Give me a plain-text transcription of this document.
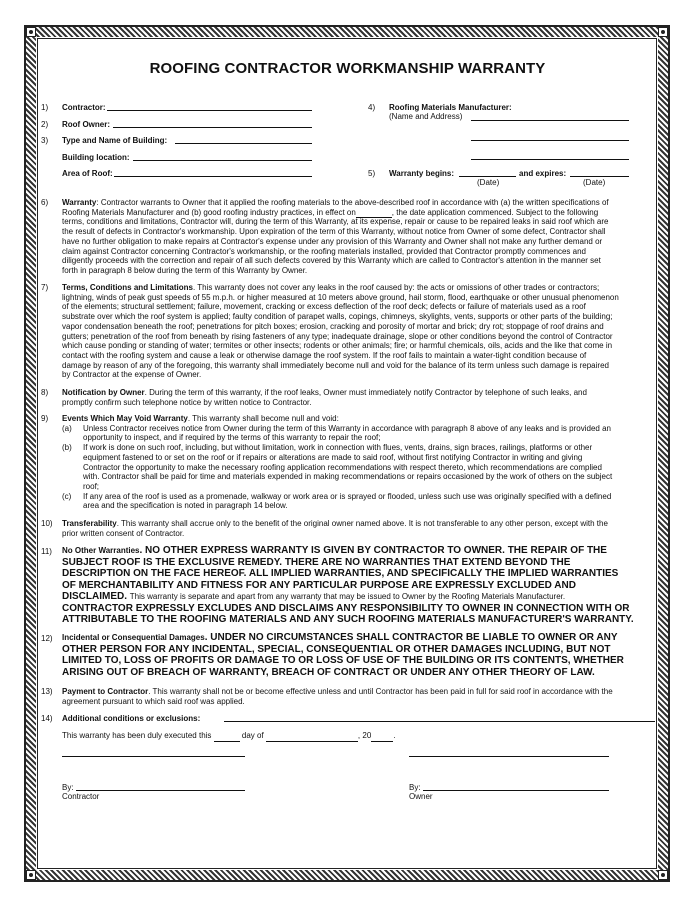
ROOFING CONTRACTOR WORKMANSHIP WARRANTY
1) Contractor:
2) Roof Owner:
3) Type and Name of Building:
Building location:
Area of Roof:
4) Roofing Materials Manufacturer:
(Name and Address)
5) Warranty begins:	and expires:
(Date)	(Date)
6) Warranty: Contractor warrants to Owner that it applied the roofing materials to the above-described roof in accordance with (a) the written specifications of
Roofing Materials Manufacturer and (b) good roofing industry practices, in effect on	, the date application commenced. Subject to the following
terms, conditions and limitations, Contractor will, during the term of this Warranty, at its expense, repair or cause to be repaired leaks in said roof which are
the result of defects in Contractor's workmanship. Upon expiration of the term of this Warranty, without notice from Owner of some defect, Contractor shall
have no further obligation to make repairs at Contractor's expense under any provision of this Warranty and Owner shall not make any further demand or
claim against Contractor concerning Contractor's workmanship, or the roofing materials installed, provided that Contractor promptly commences and
diligently proceeds with the correction and repair of all such defects covered by this Warranty which are called to Contractor's attention in the manner set
forth in paragraph 8 below during the term of this Warranty by Owner.
7) Terms, Conditions and Limitations. This warranty does not cover any leaks in the roof caused by: the acts or omissions of other trades or contractors;
lightning, winds of peak gust speeds of 55 m.p.h. or higher measured at 10 meters above ground, hail storm, flood, earthquake or other unusual phenomenon
of the elements; structural settlement; failure, movement, cracking or excess deflection of the roof deck; defects or failure of materials used as a roof
substrate over which the roof system is applied; faulty condition of parapet walls, copings, chimneys, skylights, vents, supports or other parts of the building;
vapor condensation beneath the roof; penetrations for pitch boxes; erosion, cracking and porosity of mortar and brick; dry rot; stoppage of roof drains and
gutters; penetration of the roof from beneath by rising fasteners of any type; inadequate drainage, slope or other conditions beyond the control of Contractor
which cause ponding or standing of water; termites or other insects; rodents or other animals; fire; or harmful chemicals, oils, acids and the like that come in
contact with the roofing system and cause a leak or otherwise damage the roof system. If the roof fails to maintain a water-tight condition because of
damage by reason of any of the foregoing, this warranty shall immediately become null and void for the balance of its term unless such damage is repaired
by Contractor at the expense of Owner.
8) Notification by Owner. During the term of this warranty, if the roof leaks, Owner must immediately notify Contractor by telephone of such leaks, and
promptly confirm such telephone notice by written notice to Contractor.
9) Events Which May Void Warranty. This warranty shall become null and void:
(a) Unless Contractor receives notice from Owner during the term of this Warranty in accordance with paragraph 8 above of any leaks and is provided an
opportunity to inspect, and if required by the terms of this warranty to repair the roof;
(b) If work is done on such roof, including, but without limitation, work in connection with flues, vents, drains, sign braces, railings, platforms or other
equipment fastened to or set on the roof or if repairs or alterations are made to said roof, without first notifying Contractor in writing and giving
Contractor the opportunity to make the necessary roofing application recommendations with respect thereto, which recommendations are complied
with. Contractor shall be paid for time and materials expended in making recommendations or repairs occasioned by the work of others on the subject
roof;
(c) If any area of the roof is used as a promenade, walkway or work area or is sprayed or flooded, unless such use was originally specified with a defined
area and the specification is noted in paragraph 14 below.
10) Transferability. This warranty shall accrue only to the benefit of the original owner named above. It is not transferable to any other person, except with the
prior written consent of Contractor.
11) No Other Warranties. NO OTHER EXPRESS WARRANTY IS GIVEN BY CONTRACTOR TO OWNER. THE REPAIR OF THE
SUBJECT ROOF IS THE EXCLUSIVE REMEDY. THERE ARE NO WARRANTIES THAT EXTEND BEYOND THE
DESCRIPTION ON THE FACE HEREOF. ALL IMPLIED WARRANTIES, AND SPECIFICALLY THE IMPLIED WARRANTIES
OF MERCHANTABILITY AND FITNESS FOR ANY PARTICULAR PURPOSE ARE EXPRESSLY EXCLUDED AND
DISCLAIMED. This warranty is separate and apart from any warranty that may be issued to Owner by the Roofing Materials Manufacturer.
CONTRACTOR EXPRESSLY EXCLUDES AND DISCLAIMS ANY RESPONSIBILITY TO OWNER IN CONNECTION WITH OR
ATTRIBUTABLE TO THE ROOFING MATERIALS AND ANY SUCH ROOFING MATERIALS MANUFACTURER'S WARRANTY.
12) Incidental or Consequential Damages. UNDER NO CIRCUMSTANCES SHALL CONTRACTOR BE LIABLE TO OWNER OR ANY
OTHER PERSON FOR ANY INCIDENTAL, SPECIAL, CONSEQUENTIAL OR OTHER DAMAGES INCLUDING, BUT NOT
LIMITED TO, LOSS OF PROFITS OR DAMAGE TO OR LOSS OF USE OF THE BUILDING OR ITS CONTENTS, WHETHER
ARISING OUT OF BREACH OF WARRANTY, BREACH OF CONTRACT OR UNDER ANY OTHER THEORY OF LAW.
13) Payment to Contractor. This warranty shall not be or become effective unless and until Contractor has been paid in full for said roof in accordance with the
agreement pursuant to which said roof was applied.
14) Additional conditions or exclusions:
This warranty has been duly executed this	day of	, 20	.
By:
Contractor
By:
Owner
